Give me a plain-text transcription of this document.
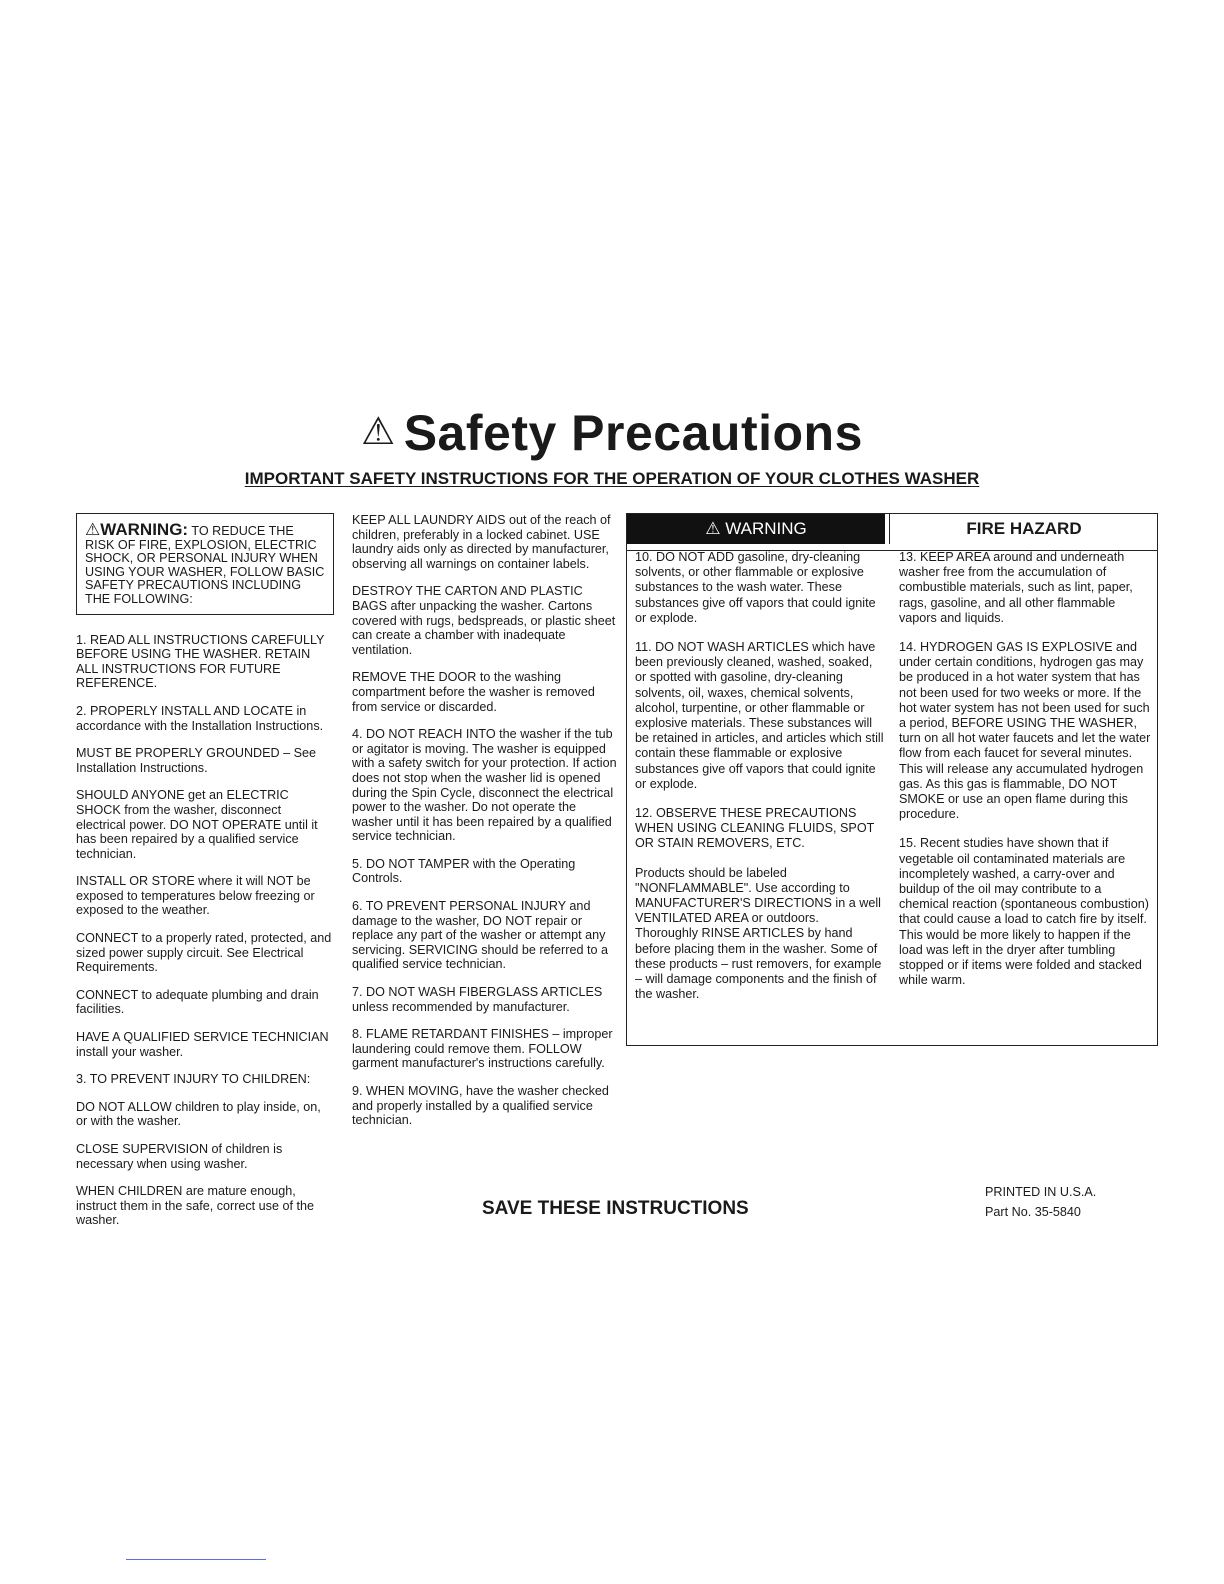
⚠ Safety Precautions
IMPORTANT SAFETY INSTRUCTIONS FOR THE OPERATION OF YOUR CLOTHES WASHER
⚠WARNING: TO REDUCE THE RISK OF FIRE, EXPLOSION, ELECTRIC SHOCK, OR PERSONAL INJURY WHEN USING YOUR WASHER, FOLLOW BASIC SAFETY PRECAUTIONS INCLUDING THE FOLLOWING:

1. READ ALL INSTRUCTIONS CAREFULLY BEFORE USING THE WASHER. RETAIN ALL INSTRUCTIONS FOR FUTURE REFERENCE.

2. PROPERLY INSTALL AND LOCATE in accordance with the Installation Instructions.

MUST BE PROPERLY GROUNDED – See Installation Instructions.

SHOULD ANYONE get an ELECTRIC SHOCK from the washer, disconnect electrical power. DO NOT OPERATE until it has been repaired by a qualified service technician.

INSTALL OR STORE where it will NOT be exposed to temperatures below freezing or exposed to the weather.

CONNECT to a properly rated, protected, and sized power supply circuit. See Electrical Requirements.

CONNECT to adequate plumbing and drain facilities.

HAVE A QUALIFIED SERVICE TECHNICIAN install your washer.

3. TO PREVENT INJURY TO CHILDREN:

DO NOT ALLOW children to play inside, on, or with the washer.

CLOSE SUPERVISION of children is necessary when using washer.

WHEN CHILDREN are mature enough, instruct them in the safe, correct use of the washer.

KEEP ALL LAUNDRY AIDS out of the reach of children, preferably in a locked cabinet. USE laundry aids only as directed by manufacturer, observing all warnings on container labels.

DESTROY THE CARTON AND PLASTIC BAGS after unpacking the washer. Cartons covered with rugs, bedspreads, or plastic sheet can create a chamber with inadequate ventilation.

REMOVE THE DOOR to the washing compartment before the washer is removed from service or discarded.

4. DO NOT REACH INTO the washer if the tub or agitator is moving. The washer is equipped with a safety switch for your protection. If action does not stop when the washer lid is opened during the Spin Cycle, disconnect the electrical power to the washer. Do not operate the washer until it has been repaired by a qualified service technician.

5. DO NOT TAMPER with the Operating Controls.

6. TO PREVENT PERSONAL INJURY and damage to the washer, DO NOT repair or replace any part of the washer or attempt any servicing. SERVICING should be referred to a qualified service technician.

7. DO NOT WASH FIBERGLASS ARTICLES unless recommended by manufacturer.

8. FLAME RETARDANT FINISHES – improper laundering could remove them. FOLLOW garment manufacturer's instructions carefully.

9. WHEN MOVING, have the washer checked and properly installed by a qualified service technician.

⚠ WARNING	FIRE HAZARD

10. DO NOT ADD gasoline, dry-cleaning solvents, or other flammable or explosive substances to the wash water. These substances give off vapors that could ignite or explode.

11. DO NOT WASH ARTICLES which have been previously cleaned, washed, soaked, or spotted with gasoline, dry-cleaning solvents, oil, waxes, chemical solvents, alcohol, turpentine, or other flammable or explosive materials. These substances will be retained in articles, and articles which still contain these flammable or explosive substances give off vapors that could ignite or explode.

12. OBSERVE THESE PRECAUTIONS WHEN USING CLEANING FLUIDS, SPOT OR STAIN REMOVERS, ETC.

Products should be labeled "NONFLAMMABLE". Use according to MANUFACTURER'S DIRECTIONS in a well VENTILATED AREA or outdoors. Thoroughly RINSE ARTICLES by hand before placing them in the washer. Some of these products – rust removers, for example – will damage components and the finish of the washer.

13. KEEP AREA around and underneath washer free from the accumulation of combustible materials, such as lint, paper, rags, gasoline, and all other flammable vapors and liquids.

14. HYDROGEN GAS IS EXPLOSIVE and under certain conditions, hydrogen gas may be produced in a hot water system that has not been used for two weeks or more. If the hot water system has not been used for such a period, BEFORE USING THE WASHER, turn on all hot water faucets and let the water flow from each faucet for several minutes. This will release any accumulated hydrogen gas. As this gas is flammable, DO NOT SMOKE or use an open flame during this procedure.

15. Recent studies have shown that if vegetable oil contaminated materials are incompletely washed, a carry-over and buildup of the oil may contribute to a chemical reaction (spontaneous combustion) that could cause a load to catch fire by itself. This would be more likely to happen if the load was left in the dryer after tumbling stopped or if items were folded and stacked while warm.

SAVE THESE INSTRUCTIONS
PRINTED IN U.S.A.
Part No. 35-5840
